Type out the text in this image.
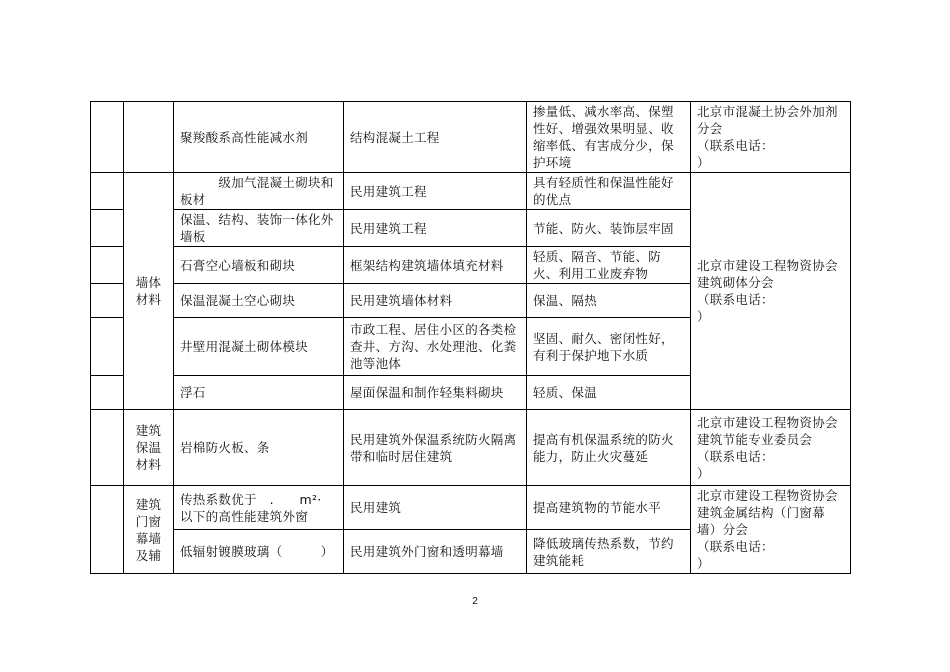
		聚羧酸系高性能减水剂	结构混凝土工程	掺量低、减水率高、保塑性好、增强效果明显、收缩率低、有害成分少，保护环境	北京市混凝土协会外加剂分会
（联系电话：　　　　　　）
	墙体材料	　　　级加气混凝土砌块和板材	民用建筑工程	具有轻质性和保温性能好的优点	北京市建设工程物资协会建筑砌体分会
（联系电话：　　　　　　）
		保温、结构、装饰一体化外墙板	民用建筑工程	节能、防火、装饰层牢固	
		石膏空心墙板和砌块	框架结构建筑墙体填充材料	轻质、隔音、节能、防火、利用工业废弃物	
		保温混凝土空心砌块	民用建筑墙体材料	保温、隔热	
		井壁用混凝土砌体模块	市政工程、居住小区的各类检查井、方沟、水处理池、化粪池等池体	坚固、耐久、密闭性好，有利于保护地下水质	
		浮石	屋面保温和制作轻集料砌块	轻质、保温	
	建筑保温材料	岩棉防火板、条	民用建筑外保温系统防火隔离带和临时居住建筑	提高有机保温系统的防火能力，防止火灾蔓延	北京市建设工程物资协会建筑节能专业委员会
（联系电话：　　　　　　）
	建筑门窗幕墙及辅	传热系数优于　.　　m²·　　以下的高性能建筑外窗	民用建筑	提高建筑物的节能水平	北京市建设工程物资协会建筑金属结构（门窗幕墙）分会
（联系电话：　　　　　　）
		低辐射镀膜玻璃（　　　）	民用建筑外门窗和透明幕墙	降低玻璃传热系数，节约建筑能耗	
2
